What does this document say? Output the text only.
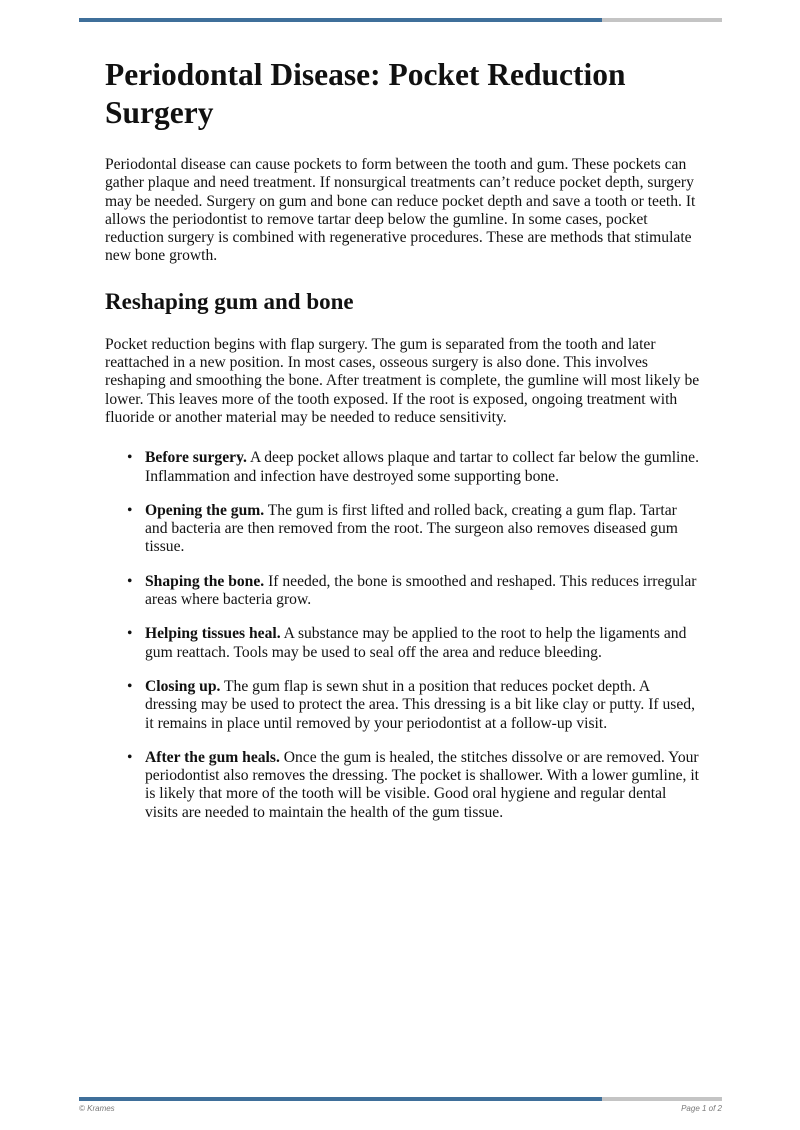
Periodontal Disease: Pocket Reduction Surgery

Periodontal disease can cause pockets to form between the tooth and gum. These pockets can gather plaque and need treatment. If nonsurgical treatments can’t reduce pocket depth, surgery may be needed. Surgery on gum and bone can reduce pocket depth and save a tooth or teeth. It allows the periodontist to remove tartar deep below the gumline. In some cases, pocket reduction surgery is combined with regenerative procedures. These are methods that stimulate new bone growth.

Reshaping gum and bone

Pocket reduction begins with flap surgery. The gum is separated from the tooth and later reattached in a new position. In most cases, osseous surgery is also done. This involves reshaping and smoothing the bone. After treatment is complete, the gumline will most likely be lower. This leaves more of the tooth exposed. If the root is exposed, ongoing treatment with fluoride or another material may be needed to reduce sensitivity.

• Before surgery. A deep pocket allows plaque and tartar to collect far below the gumline. Inflammation and infection have destroyed some supporting bone.
• Opening the gum. The gum is first lifted and rolled back, creating a gum flap. Tartar and bacteria are then removed from the root. The surgeon also removes diseased gum tissue.
• Shaping the bone. If needed, the bone is smoothed and reshaped. This reduces irregular areas where bacteria grow.
• Helping tissues heal. A substance may be applied to the root to help the ligaments and gum reattach. Tools may be used to seal off the area and reduce bleeding.
• Closing up. The gum flap is sewn shut in a position that reduces pocket depth. A dressing may be used to protect the area. This dressing is a bit like clay or putty. If used, it remains in place until removed by your periodontist at a follow-up visit.
• After the gum heals. Once the gum is healed, the stitches dissolve or are removed. Your periodontist also removes the dressing. The pocket is shallower. With a lower gumline, it is likely that more of the tooth will be visible. Good oral hygiene and regular dental visits are needed to maintain the health of the gum tissue.
© Krames	Page 1 of 2
